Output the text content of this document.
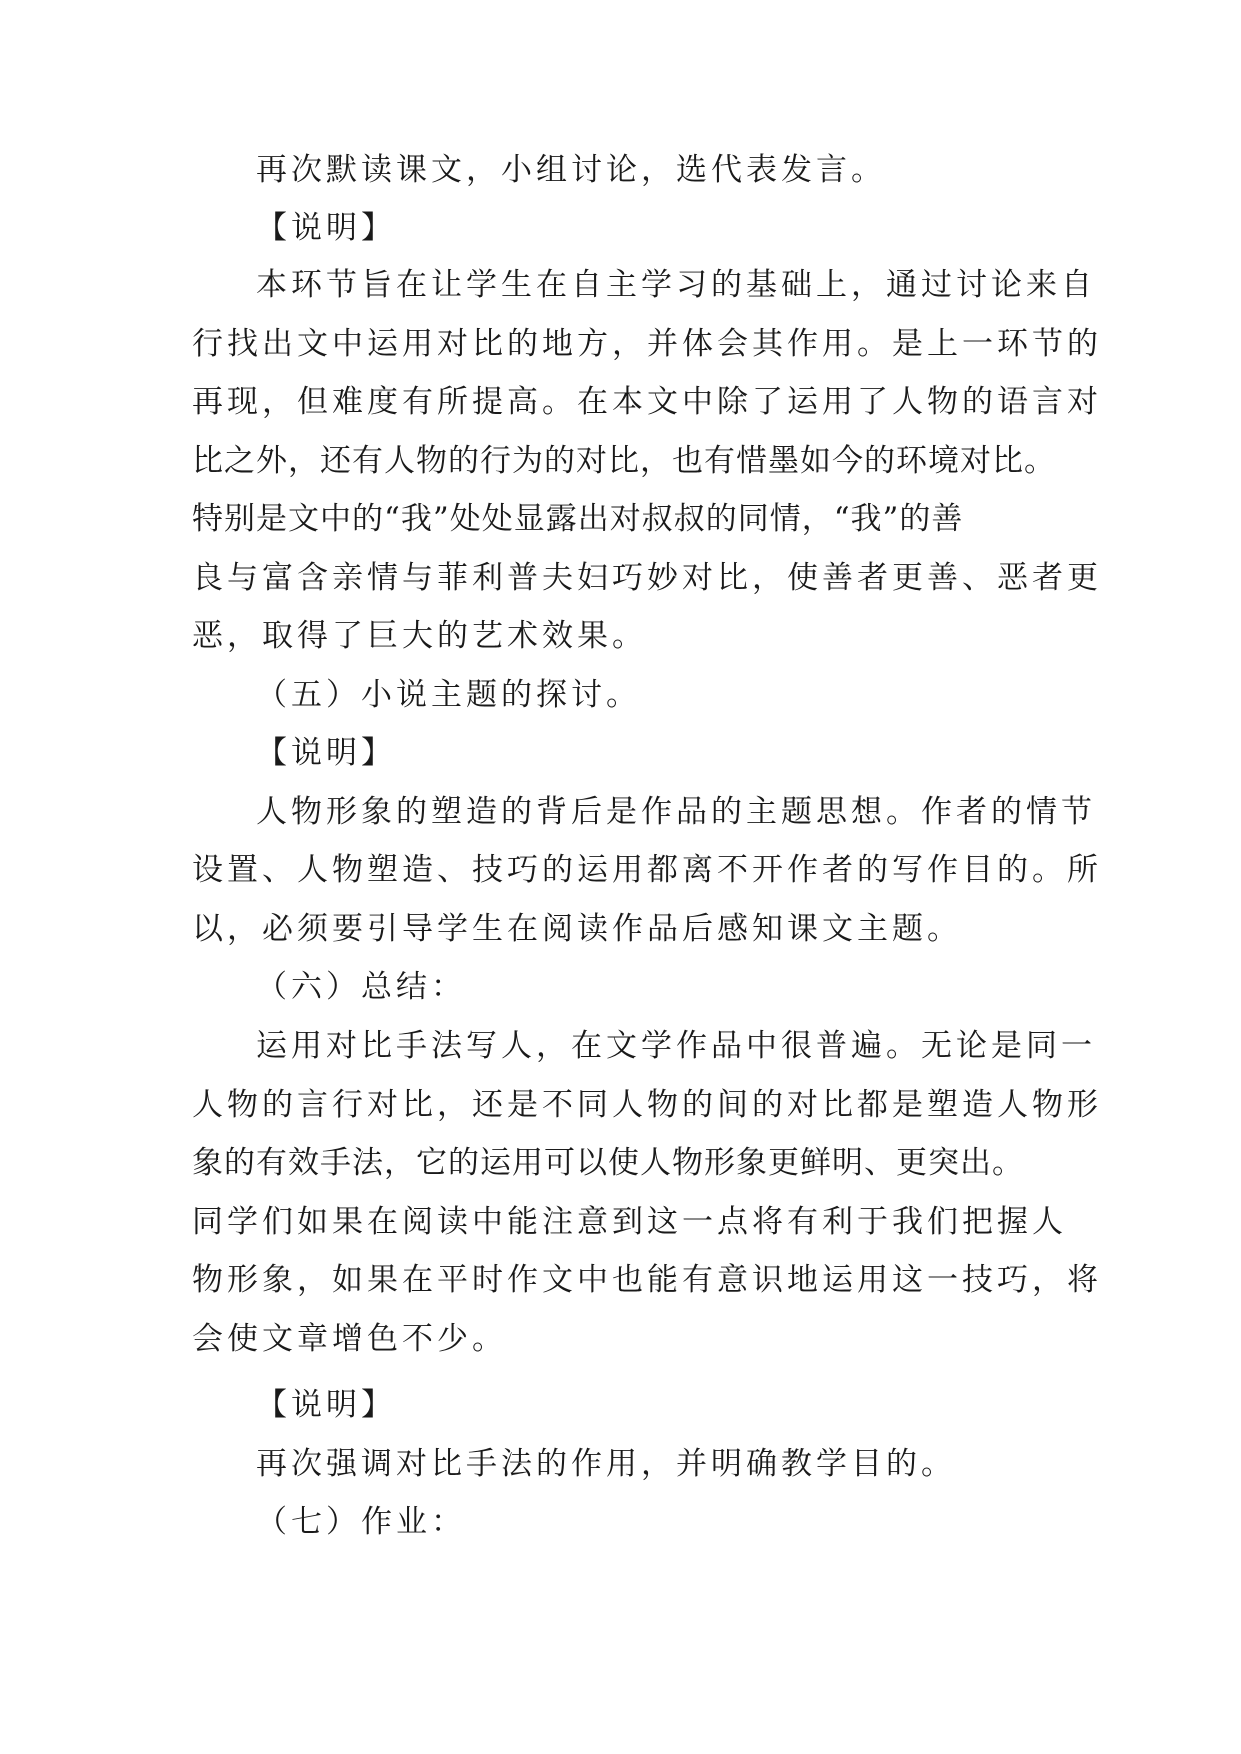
再次默读课文，小组讨论，选代表发言。
【说明】
本环节旨在让学生在自主学习的基础上，通过讨论来自
行找出文中运用对比的地方，并体会其作用。是上一环节的
再现，但难度有所提高。在本文中除了运用了人物的语言对
比之外，还有人物的行为的对比，也有惜墨如今的环境对比。
特别是文中的“我”处处显露出对叔叔的同情，“我”的善
良与富含亲情与菲利普夫妇巧妙对比，使善者更善、恶者更
恶，取得了巨大的艺术效果。
（五）小说主题的探讨。
【说明】
人物形象的塑造的背后是作品的主题思想。作者的情节
设置、人物塑造、技巧的运用都离不开作者的写作目的。所
以，必须要引导学生在阅读作品后感知课文主题。
（六）总结：
运用对比手法写人，在文学作品中很普遍。无论是同一
人物的言行对比，还是不同人物的间的对比都是塑造人物形
象的有效手法，它的运用可以使人物形象更鲜明、更突出。
同学们如果在阅读中能注意到这一点将有利于我们把握人
物形象，如果在平时作文中也能有意识地运用这一技巧，将
会使文章增色不少。
【说明】
再次强调对比手法的作用，并明确教学目的。
（七）作业：
